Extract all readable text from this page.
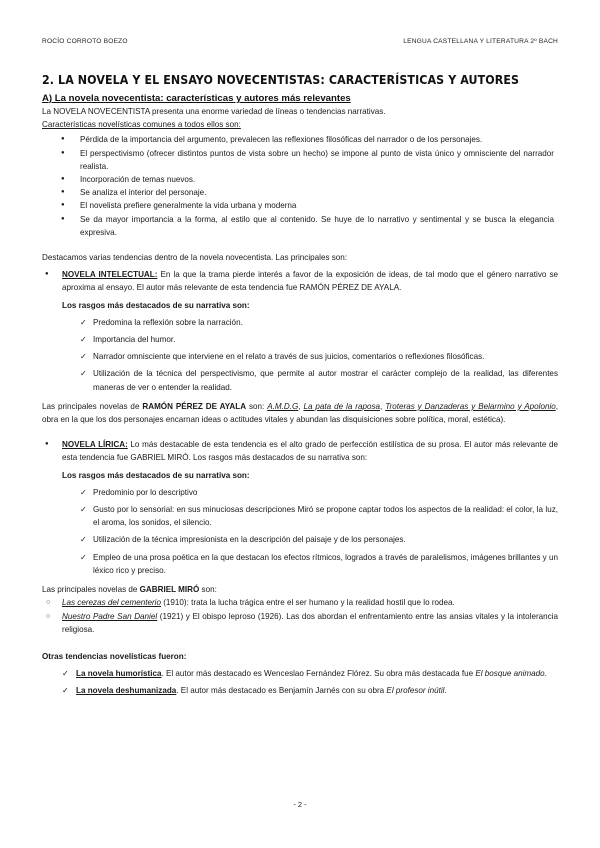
ROCÍO CORROTO BOEZO	LENGUA CASTELLANA Y LITERATURA 2º BACH
2. LA NOVELA Y EL ENSAYO NOVECENTISTAS: CARACTERÍSTICAS Y AUTORES
A) La novela novecentista: características y autores más relevantes

La NOVELA NOVECENTISTA presenta una enorme variedad de líneas o tendencias narrativas.

Características novelísticas comunes a todos ellos son:

● Pérdida de la importancia del argumento, prevalecen las reflexiones filosóficas del narrador o de los personajes.
● El perspectivismo (ofrecer distintos puntos de vista sobre un hecho) se impone al punto de vista único y omnisciente del narrador realista.
● Incorporación de temas nuevos.
● Se analiza el interior del personaje.
● El novelista prefiere generalmente la vida urbana y moderna
● Se da mayor importancia a la forma, al estilo que al contenido. Se huye de lo narrativo y sentimental y se busca la elegancia expresiva.

Destacamos varias tendencias dentro de la novela novecentista. Las principales son:

● NOVELA INTELECTUAL: En la que la trama pierde interés a favor de la exposición de ideas, de tal modo que el género narrativo se aproxima al ensayo. El autor más relevante de esta tendencia fue RAMÓN PÉREZ DE AYALA.

Los rasgos más destacados de su narrativa son:

✓ Predomina la reflexión sobre la narración.
✓ Importancia del humor.
✓ Narrador omnisciente que interviene en el relato a través de sus juicios, comentarios o reflexiones filosóficas.
✓ Utilización de la técnica del perspectivismo, que permite al autor mostrar el carácter complejo de la realidad, las diferentes maneras de ver o entender la realidad.

Las principales novelas de RAMÓN PÉREZ DE AYALA son: A.M.D.G, La pata de la raposa, Troteras y Danzaderas y Belarmino y Apolonio, obra en la que los dos personajes encarnan ideas o actitudes vitales y abundan las disquisiciones sobre política, moral, estética).

● NOVELA LÍRICA: Lo más destacable de esta tendencia es el alto grado de perfección estilística de su prosa. El autor más relevante de esta tendencia fue GABRIEL MIRÓ. Los rasgos más destacados de su narrativa son:

Los rasgos más destacados de su narrativa son:

✓ Predominio por lo descriptivo
✓ Gusto por lo sensorial: en sus minuciosas descripciones Miró se propone captar todos los aspectos de la realidad: el color, la luz, el aroma, los sonidos, el silencio.
✓ Utilización de la técnica impresionista en la descripción del paisaje y de los personajes.
✓ Empleo de una prosa poética en la que destacan los efectos rítmicos, logrados a través de paralelismos, imágenes brillantes y un léxico rico y preciso.

Las principales novelas de GABRIEL MIRÓ son:

○ Las cerezas del cementerio (1910): trata la lucha trágica entre el ser humano y la realidad hostil que lo rodea.
○ Nuestro Padre San Daniel (1921) y El obispo leproso (1926). Las dos abordan el enfrentamiento entre las ansias vitales y la intolerancia religiosa.

Otras tendencias novelísticas fueron:

✓ La novela humorística. El autor más destacado es Wenceslao Fernández Flórez. Su obra más destacada fue El bosque animado.
✓ La novela deshumanizada. El autor más destacado es Benjamín Jarnés con su obra El profesor inútil.
- 2 -
